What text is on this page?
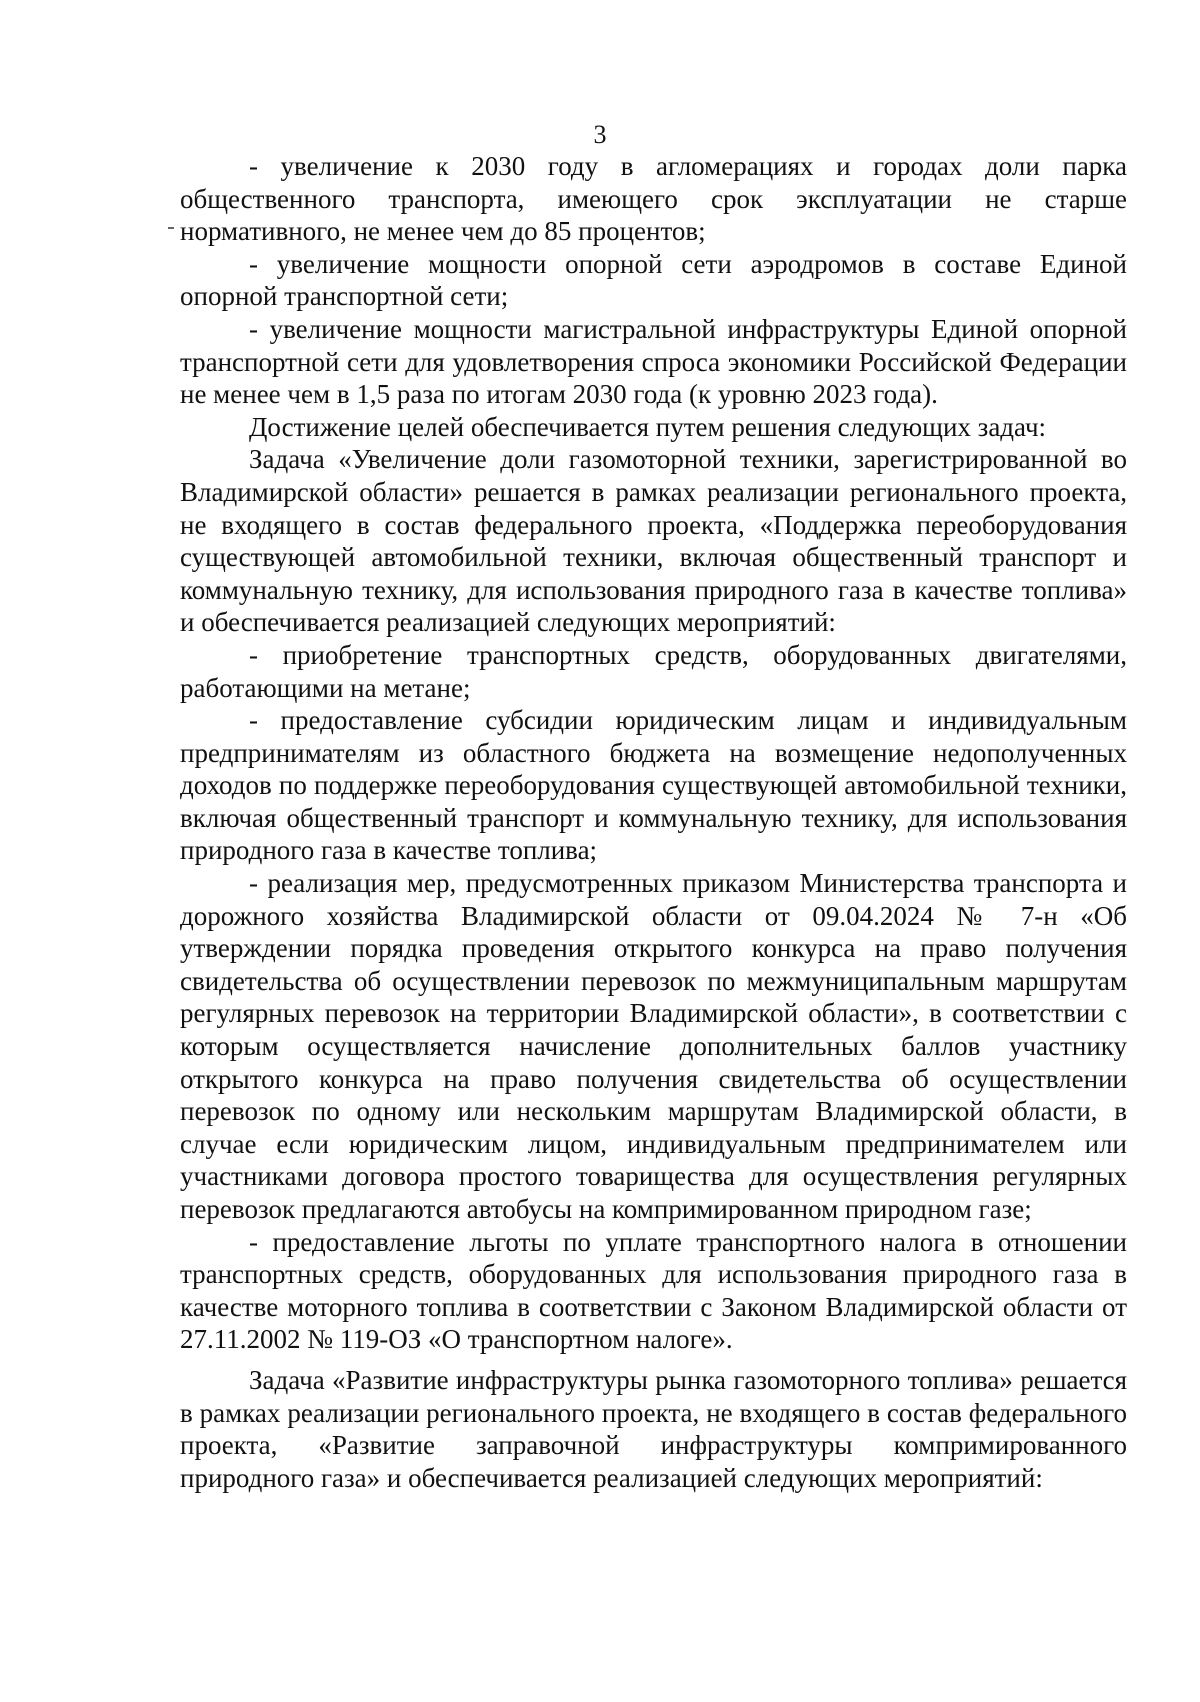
3

- увеличение к 2030 году в агломерациях и городах доли парка общественного транспорта, имеющего срок эксплуатации не старше нормативного, не менее чем до 85 процентов;

- увеличение мощности опорной сети аэродромов в составе Единой опорной транспортной сети;

- увеличение мощности магистральной инфраструктуры Единой опорной транспортной сети для удовлетворения спроса экономики Российской Федерации не менее чем в 1,5 раза по итогам 2030 года (к уровню 2023 года).

Достижение целей обеспечивается путем решения следующих задач:

Задача «Увеличение доли газомоторной техники, зарегистрированной во Владимирской области» решается в рамках реализации регионального проекта, не входящего в состав федерального проекта, «Поддержка переоборудования существующей автомобильной техники, включая общественный транспорт и коммунальную технику, для использования природного газа в качестве топлива» и обеспечивается реализацией следующих мероприятий:

- приобретение транспортных средств, оборудованных двигателями, работающими на метане;

- предоставление субсидии юридическим лицам и индивидуальным предпринимателям из областного бюджета на возмещение недополученных доходов по поддержке переоборудования существующей автомобильной техники, включая общественный транспорт и коммунальную технику, для использования природного газа в качестве топлива;

- реализация мер, предусмотренных приказом Министерства транспорта и дорожного хозяйства Владимирской области от 09.04.2024 № 7-н «Об утверждении порядка проведения открытого конкурса на право получения свидетельства об осуществлении перевозок по межмуниципальным маршрутам регулярных перевозок на территории Владимирской области», в соответствии с которым осуществляется начисление дополнительных баллов участнику открытого конкурса на право получения свидетельства об осуществлении перевозок по одному или нескольким маршрутам Владимирской области, в случае если юридическим лицом, индивидуальным предпринимателем или участниками договора простого товарищества для осуществления регулярных перевозок предлагаются автобусы на компримированном природном газе;

- предоставление льготы по уплате транспортного налога в отношении транспортных средств, оборудованных для использования природного газа в качестве моторного топлива в соответствии с Законом Владимирской области от 27.11.2002 № 119-ОЗ «О транспортном налоге».

Задача «Развитие инфраструктуры рынка газомоторного топлива» решается в рамках реализации регионального проекта, не входящего в состав федерального проекта, «Развитие заправочной инфраструктуры компримированного природного газа» и обеспечивается реализацией следующих мероприятий:
